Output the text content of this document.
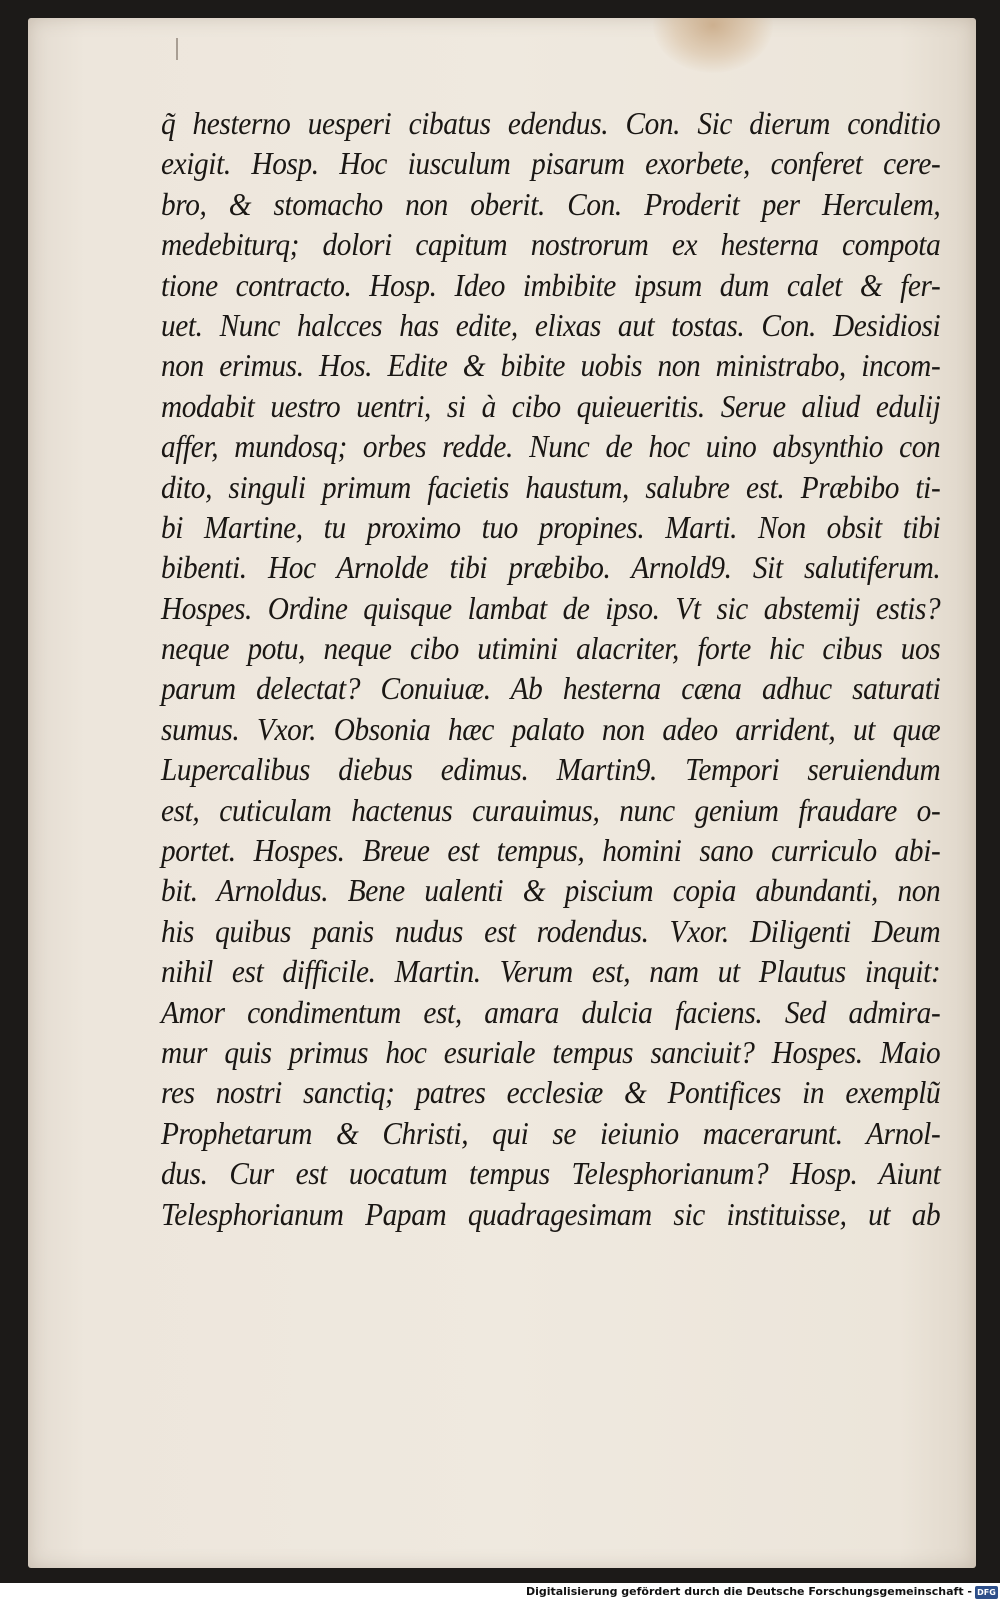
q̃ hesterno uesperi cibatus edendus. Con. Sic dierum conditio
exigit. Hosp. Hoc iusculum pisarum exorbete, conferet cere-
bro, & stomacho non oberit. Con. Proderit per Herculem,
medebiturq; dolori capitum nostrorum ex hesterna compota
tione contracto. Hosp. Ideo imbibite ipsum dum calet & fer-
uet. Nunc halcces has edite, elixas aut tostas. Con. Desidiosi
non erimus. Hos. Edite & bibite uobis non ministrabo, incom-
modabit uestro uentri, si à cibo quieueritis. Serue aliud edulij
affer, mundosq; orbes redde. Nunc de hoc uino absynthio con
dito, singuli primum facietis haustum, salubre est. Præbibo ti-
bi Martine, tu proximo tuo propines. Marti. Non obsit tibi
bibenti. Hoc Arnolde tibi præbibo. Arnold9. Sit salutiferum.
Hospes. Ordine quisque lambat de ipso. Vt sic abstemij estis?
neque potu, neque cibo utimini alacriter, forte hic cibus uos
parum delectat? Conuiuæ. Ab hesterna cæna adhuc saturati
sumus. Vxor. Obsonia hæc palato non adeo arrident, ut quæ
Lupercalibus diebus edimus. Martin9. Tempori seruiendum
est, cuticulam hactenus curauimus, nunc genium fraudare o-
portet. Hospes. Breue est tempus, homini sano curriculo abi-
bit. Arnoldus. Bene ualenti & piscium copia abundanti, non
his quibus panis nudus est rodendus. Vxor. Diligenti Deum
nihil est difficile. Martin. Verum est, nam ut Plautus inquit:
Amor condimentum est, amara dulcia faciens. Sed admira-
mur quis primus hoc esuriale tempus sanciuit? Hospes. Maio
res nostri sanctiq; patres ecclesiæ & Pontifices in exemplũ
Prophetarum & Christi, qui se ieiunio macerarunt. Arnol-
dus. Cur est uocatum tempus Telesphorianum? Hosp. Aiunt
Telesphorianum Papam quadragesimam sic instituisse, ut ab
Digitalisierung gefördert durch die Deutsche Forschungsgemeinschaft - DFG
